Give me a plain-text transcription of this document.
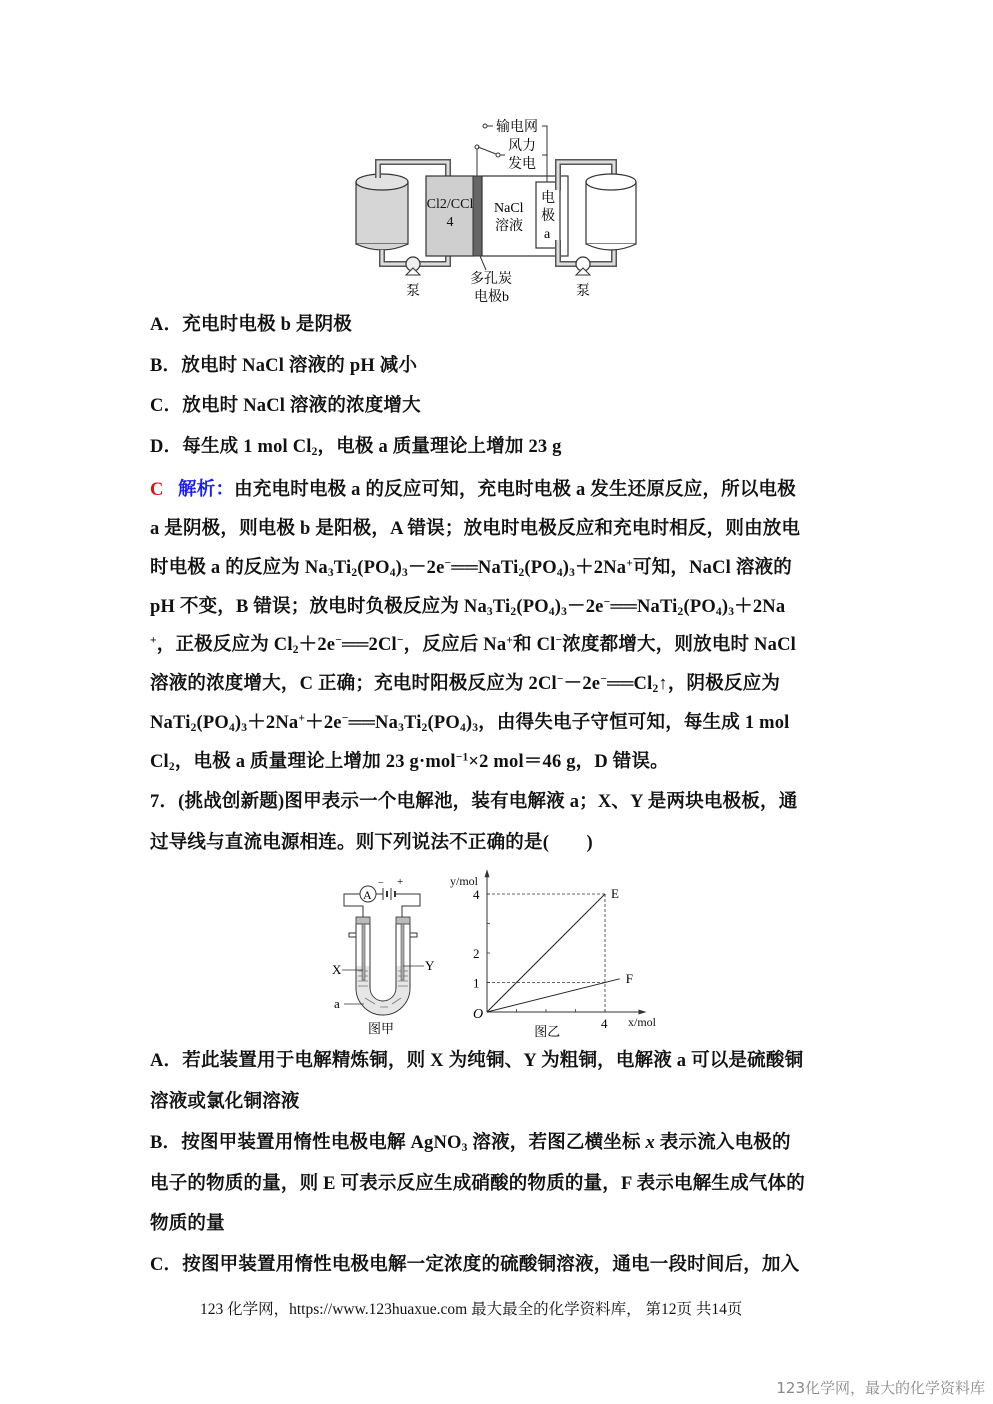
输电网
风力
发电
NaCl
溶液
电
极
a
泵	泵
多孔炭
电极b
Cl2/CCl4
A．充电时电极 b 是阴极
B．放电时 NaCl 溶液的 pH 减小
C．放电时 NaCl 溶液的浓度增大
D．每生成 1 mol $Cl_2$，电极 a 质量理论上增加 23 g
C 解析：由充电时电极 a 的反应可知，充电时电极 a 发生还原反应，所以电极
a 是阴极，则电极 b 是阳极，A 错误；放电时电极反应和充电时相反，则由放电
时电极 a 的反应为 $Na_3Ti_2(PO_4)_3-2e^-══NaTi_2(PO_4)_3+2Na^+$可知，NaCl 溶液的
pH 不变，B 错误；放电时负极反应为 $Na_3Ti_2(PO_4)_3-2e^-══NaTi_2(PO_4)_3+2Na$
+，正极反应为 $Cl_2+2e^-══2Cl^-$，反应后 Na+和 Cl−浓度都增大，则放电时 NaCl
溶液的浓度增大，C 正确；充电时阳极反应为 $2Cl^--2e^-══Cl_2↑$，阴极反应为
$NaTi_2(PO_4)_3+2Na^++2e^-══Na_3Ti_2(PO_4)_3$，由得失电子守恒可知，每生成 1 mol
$Cl_2$，电极 a 质量理论上增加 23 g·mol$^{-1}$×2 mol＝46 g，D 错误。
7．(挑战创新题)图甲表示一个电解池，装有电解液 a；X、Y 是两块电极板，通
过导线与直流电源相连。则下列说法不正确的是(　　)
A
− +
X	Y
a
图甲
E
F
1
2
4
4
O
图乙
y/mol
x/mol
A．若此装置用于电解精炼铜，则 X 为纯铜、Y 为粗铜，电解液 a 可以是硫酸铜
溶液或氯化铜溶液
B．按图甲装置用惰性电极电解 AgNO$_3$ 溶液，若图乙横坐标 x 表示流入电极的
电子的物质的量，则 E 可表示反应生成硝酸的物质的量，F 表示电解生成气体的
物质的量
C．按图甲装置用惰性电极电解一定浓度的硫酸铜溶液，通电一段时间后，加入
123 化学网，https://www.123huaxue.com 最大最全的化学资料库， 第12页 共14页
123化学网，最大的化学资料库
